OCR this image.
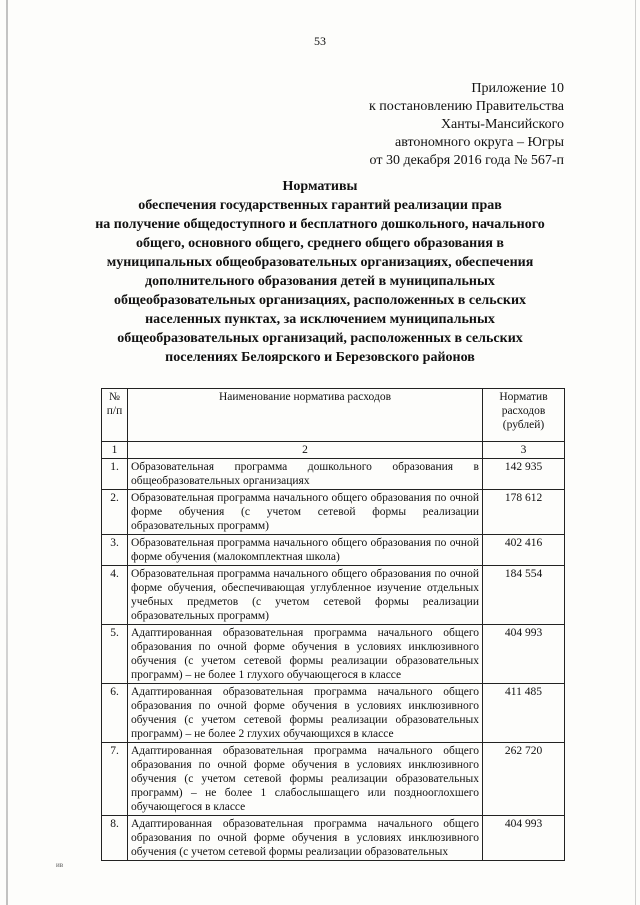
53
Приложение 10
к постановлению Правительства
Ханты-Мансийского
автономного округа – Югры
от 30 декабря 2016 года № 567-п
Нормативы
обеспечения государственных гарантий реализации прав
на получение общедоступного и бесплатного дошкольного, начального
общего, основного общего, среднего общего образования в
муниципальных общеобразовательных организациях, обеспечения
дополнительного образования детей в муниципальных
общеобразовательных организациях, расположенных в сельских
населенных пунктах, за исключением муниципальных
общеобразовательных организаций, расположенных в сельских
поселениях Белоярского и Березовского районов
№ п/п	Наименование норматива расходов	Норматив расходов (рублей)
1	2	3
1.	Образовательная программа дошкольного образования в общеобразовательных организациях	142 935
2.	Образовательная программа начального общего образования по очной форме обучения (с учетом сетевой формы реализации образовательных программ)	178 612
3.	Образовательная программа начального общего образования по очной форме обучения (малокомплектная школа)	402 416
4.	Образовательная программа начального общего образования по очной форме обучения, обеспечивающая углубленное изучение отдельных учебных предметов (с учетом сетевой формы реализации образовательных программ)	184 554
5.	Адаптированная образовательная программа начального общего образования по очной форме обучения в условиях инклюзивного обучения (с учетом сетевой формы реализации образовательных программ) – не более 1 глухого обучающегося в классе	404 993
6.	Адаптированная образовательная программа начального общего образования по очной форме обучения в условиях инклюзивного обучения (с учетом сетевой формы реализации образовательных программ) – не более 2 глухих обучающихся в классе	411 485
7.	Адаптированная образовательная программа начального общего образования по очной форме обучения в условиях инклюзивного обучения (с учетом сетевой формы реализации образовательных программ) – не более 1 слабослышащего или позднооглохшего обучающегося в классе	262 720
8.	Адаптированная образовательная программа начального общего образования по очной форме обучения в условиях инклюзивного обучения (с учетом сетевой формы реализации образовательных	404 993
ив
